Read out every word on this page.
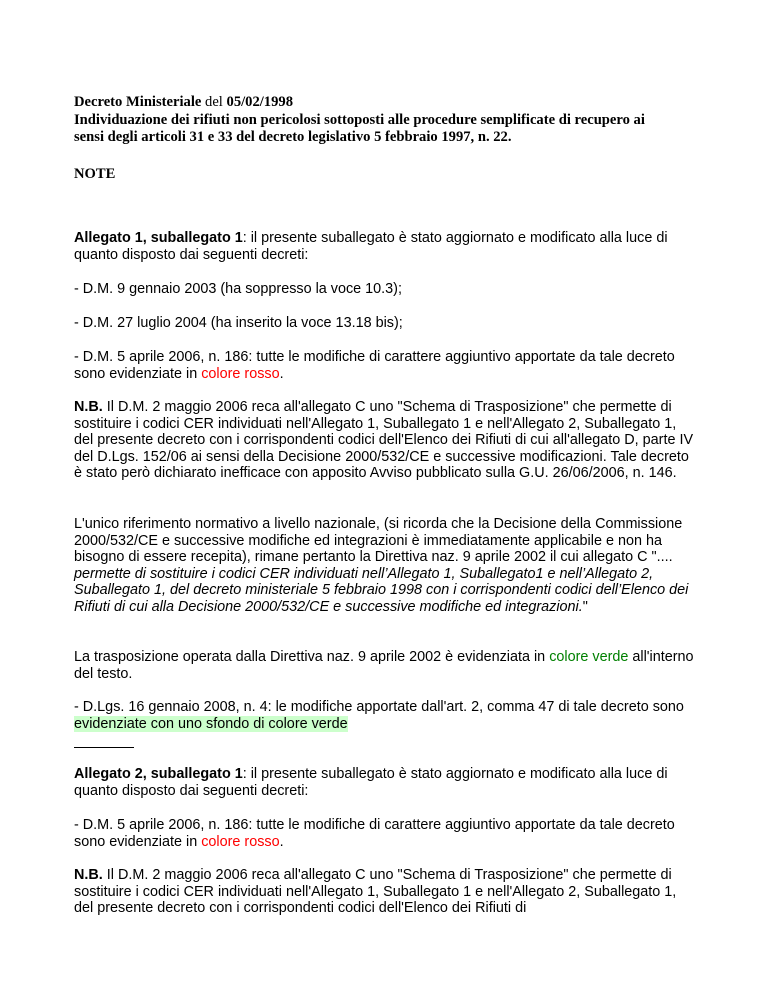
Decreto Ministeriale del 05/02/1998

Individuazione dei rifiuti non pericolosi sottoposti alle procedure semplificate di recupero ai

sensi degli articoli 31 e 33 del decreto legislativo 5 febbraio 1997, n. 22.

NOTE

Allegato 1, suballegato 1: il presente suballegato è stato aggiornato e modificato alla luce di quanto disposto dai seguenti decreti:

- D.M. 9 gennaio 2003 (ha soppresso la voce 10.3);

- D.M. 27 luglio 2004 (ha inserito la voce 13.18 bis);

- D.M. 5 aprile 2006, n. 186: tutte le modifiche di carattere aggiuntivo apportate da tale decreto sono evidenziate in colore rosso.

N.B. Il D.M. 2 maggio 2006 reca all'allegato C uno "Schema di Trasposizione" che permette di sostituire i codici CER individuati nell'Allegato 1, Suballegato 1 e nell'Allegato 2, Suballegato 1, del presente decreto con i corrispondenti codici dell'Elenco dei Rifiuti di cui all'allegato D, parte IV del D.Lgs. 152/06 ai sensi della Decisione 2000/532/CE e successive modificazioni. Tale decreto è stato però dichiarato inefficace con apposito Avviso pubblicato sulla G.U. 26/06/2006, n. 146.

L'unico riferimento normativo a livello nazionale, (si ricorda che la Decisione della Commissione 2000/532/CE e successive modifiche ed integrazioni è immediatamente applicabile e non ha bisogno di essere recepita), rimane pertanto la Direttiva naz. 9 aprile 2002 il cui allegato C ".... permette di sostituire i codici CER individuati nell’Allegato 1, Suballegato1 e nell’Allegato 2, Suballegato 1, del decreto ministeriale 5 febbraio 1998 con i corrispondenti codici dell’Elenco dei Rifiuti di cui alla Decisione 2000/532/CE e successive modifiche ed integrazioni."

La trasposizione operata dalla Direttiva naz. 9 aprile 2002 è evidenziata in colore verde all'interno del testo.

- D.Lgs. 16 gennaio 2008, n. 4: le modifiche apportate dall'art. 2, comma 47 di tale decreto sono evidenziate con uno sfondo di colore verde

Allegato 2, suballegato 1: il presente suballegato è stato aggiornato e modificato alla luce di quanto disposto dai seguenti decreti:

- D.M. 5 aprile 2006, n. 186: tutte le modifiche di carattere aggiuntivo apportate da tale decreto sono evidenziate in colore rosso.

N.B. Il D.M. 2 maggio 2006 reca all'allegato C uno "Schema di Trasposizione" che permette di sostituire i codici CER individuati nell'Allegato 1, Suballegato 1 e nell'Allegato 2, Suballegato 1, del presente decreto con i corrispondenti codici dell'Elenco dei Rifiuti di
